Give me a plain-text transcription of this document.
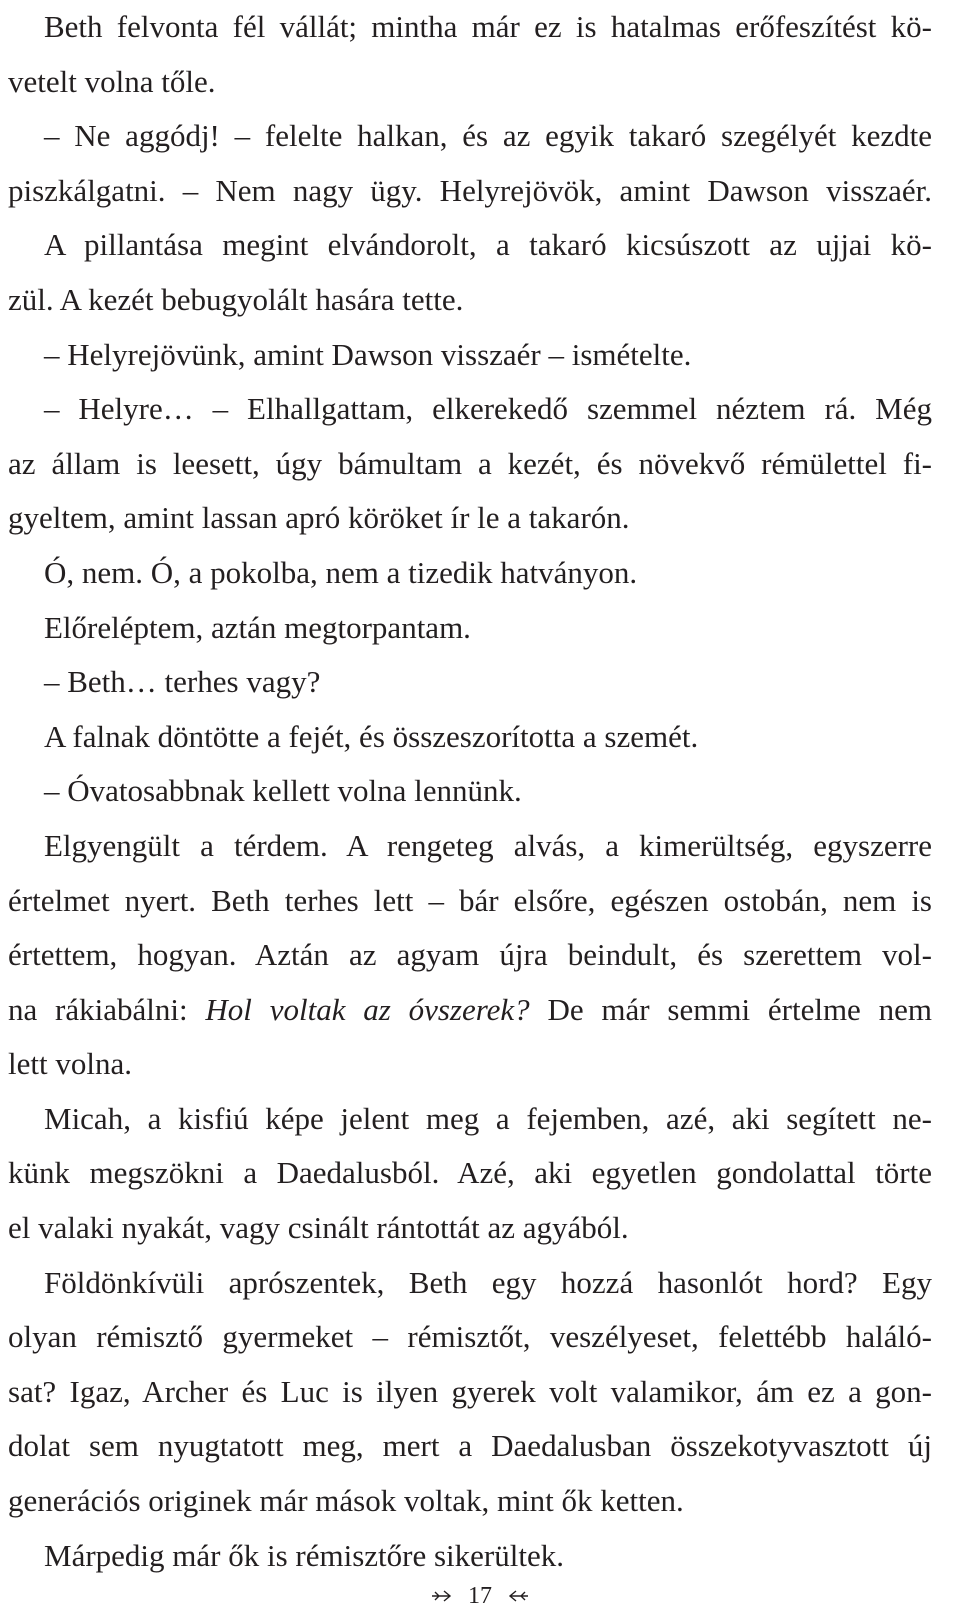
Beth felvonta fél vállát; mintha már ez is hatalmas erőfeszítést kö-
vetelt volna tőle.
– Ne aggódj! – felelte halkan, és az egyik takaró szegélyét kezdte
piszkálgatni. – Nem nagy ügy. Helyrejövök, amint Dawson visszaér.
A pillantása megint elvándorolt, a takaró kicsúszott az ujjai kö-
zül. A kezét bebugyolált hasára tette.
– Helyrejövünk, amint Dawson visszaér – ismételte.
– Helyre… – Elhallgattam, elkerekedő szemmel néztem rá. Még
az állam is leesett, úgy bámultam a kezét, és növekvő rémülettel fi-
gyeltem, amint lassan apró köröket ír le a takarón.
Ó, nem. Ó, a pokolba, nem a tizedik hatványon.
Előreléptem, aztán megtorpantam.
– Beth… terhes vagy?
A falnak döntötte a fejét, és összeszorította a szemét.
– Óvatosabbnak kellett volna lennünk.
Elgyengült a térdem. A rengeteg alvás, a kimerültség, egyszerre
értelmet nyert. Beth terhes lett – bár elsőre, egészen ostobán, nem is
értettem, hogyan. Aztán az agyam újra beindult, és szerettem vol-
na rákiabálni: Hol voltak az óvszerek? De már semmi értelme nem
lett volna.
Micah, a kisfiú képe jelent meg a fejemben, azé, aki segített ne-
künk megszökni a Daedalusból. Azé, aki egyetlen gondolattal törte
el valaki nyakát, vagy csinált rántottát az agyából.
Földönkívüli aprószentek, Beth egy hozzá hasonlót hord? Egy
olyan rémisztő gyermeket – rémisztőt, veszélyeset, felettébb haláló-
sat? Igaz, Archer és Luc is ilyen gyerek volt valamikor, ám ez a gon-
dolat sem nyugtatott meg, mert a Daedalusban összekotyvasztott új
generációs originek már mások voltak, mint ők ketten.
Márpedig már ők is rémisztőre sikerültek.
17
